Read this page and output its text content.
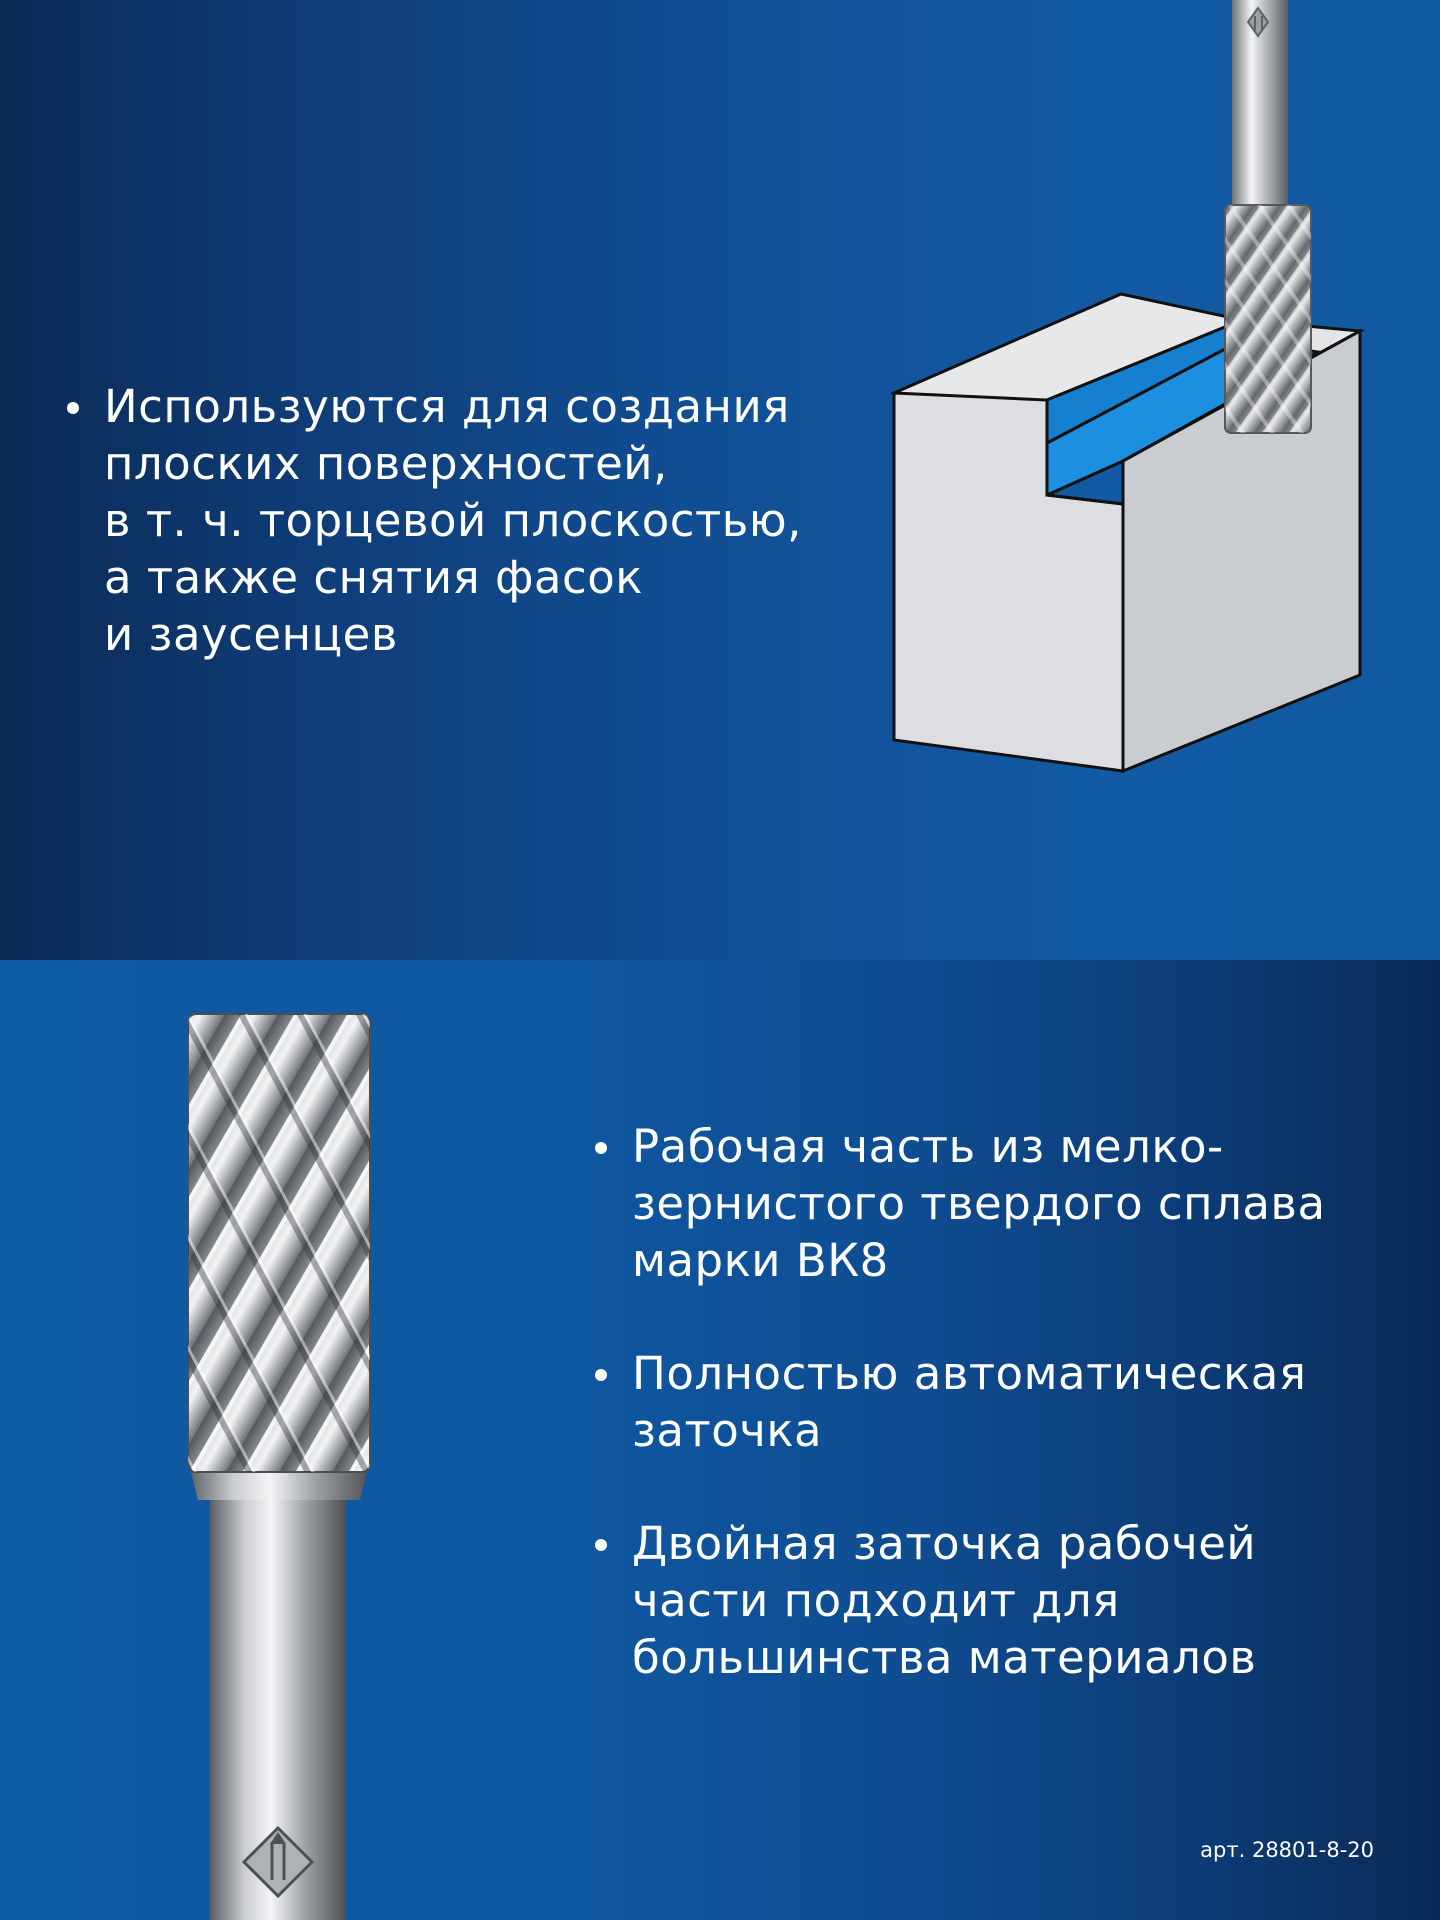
Используются для создания
плоских поверхностей,
в т. ч. торцевой плоскостью,
а также снятия фасок
и заусенцев
Рабочая часть из мелко-
зернистого твердого сплава
марки ВК8
Полностью автоматическая
заточка
Двойная заточка рабочей
части подходит для
большинства материалов
арт. 28801-8-20
